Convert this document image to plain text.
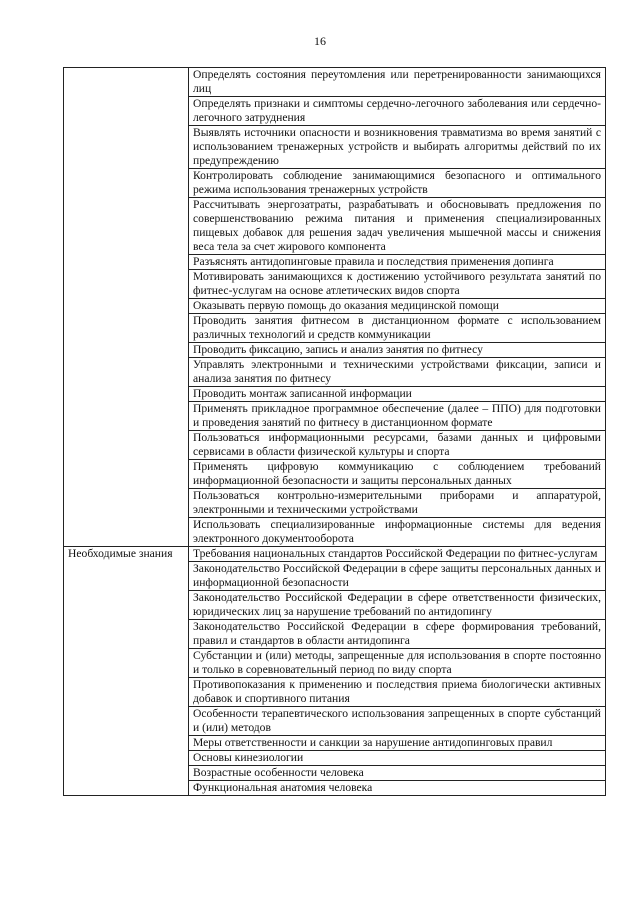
16
	Определять состояния переутомления или перетренированности занимающихся лиц
	Определять признаки и симптомы сердечно-легочного заболевания или сердечно-легочного затруднения
	Выявлять источники опасности и возникновения травматизма во время занятий с использованием тренажерных устройств и выбирать алгоритмы действий по их предупреждению
	Контролировать соблюдение занимающимися безопасного и оптимального режима использования тренажерных устройств
	Рассчитывать энергозатраты, разрабатывать и обосновывать предложения по совершенствованию режима питания и применения специализированных пищевых добавок для решения задач увеличения мышечной массы и снижения веса тела за счет жирового компонента
	Разъяснять антидопинговые правила и последствия применения допинга
	Мотивировать занимающихся к достижению устойчивого результата занятий по фитнес-услугам на основе атлетических видов спорта
	Оказывать первую помощь до оказания медицинской помощи
	Проводить занятия фитнесом в дистанционном формате с использованием различных технологий и средств коммуникации
	Проводить фиксацию, запись и анализ занятия по фитнесу
	Управлять электронными и техническими устройствами фиксации, записи и анализа занятия по фитнесу
	Проводить монтаж записанной информации
	Применять прикладное программное обеспечение (далее – ППО) для подготовки и проведения занятий по фитнесу в дистанционном формате
	Пользоваться информационными ресурсами, базами данных и цифровыми сервисами в области физической культуры и спорта
	Применять цифровую коммуникацию с соблюдением требований информационной безопасности и защиты персональных данных
	Пользоваться контрольно-измерительными приборами и аппаратурой, электронными и техническими устройствами
	Использовать специализированные информационные системы для ведения электронного документооборота
Необходимые знания	Требования национальных стандартов Российской Федерации по фитнес-услугам
	Законодательство Российской Федерации в сфере защиты персональных данных и информационной безопасности
	Законодательство Российской Федерации в сфере ответственности физических, юридических лиц за нарушение требований по антидопингу
	Законодательство Российской Федерации в сфере формирования требований, правил и стандартов в области антидопинга
	Субстанции и (или) методы, запрещенные для использования в спорте постоянно и только в соревновательный период по виду спорта
	Противопоказания к применению и последствия приема биологически активных добавок и спортивного питания
	Особенности терапевтического использования запрещенных в спорте субстанций и (или) методов
	Меры ответственности и санкции за нарушение антидопинговых правил
	Основы кинезиологии
	Возрастные особенности человека
	Функциональная анатомия человека
